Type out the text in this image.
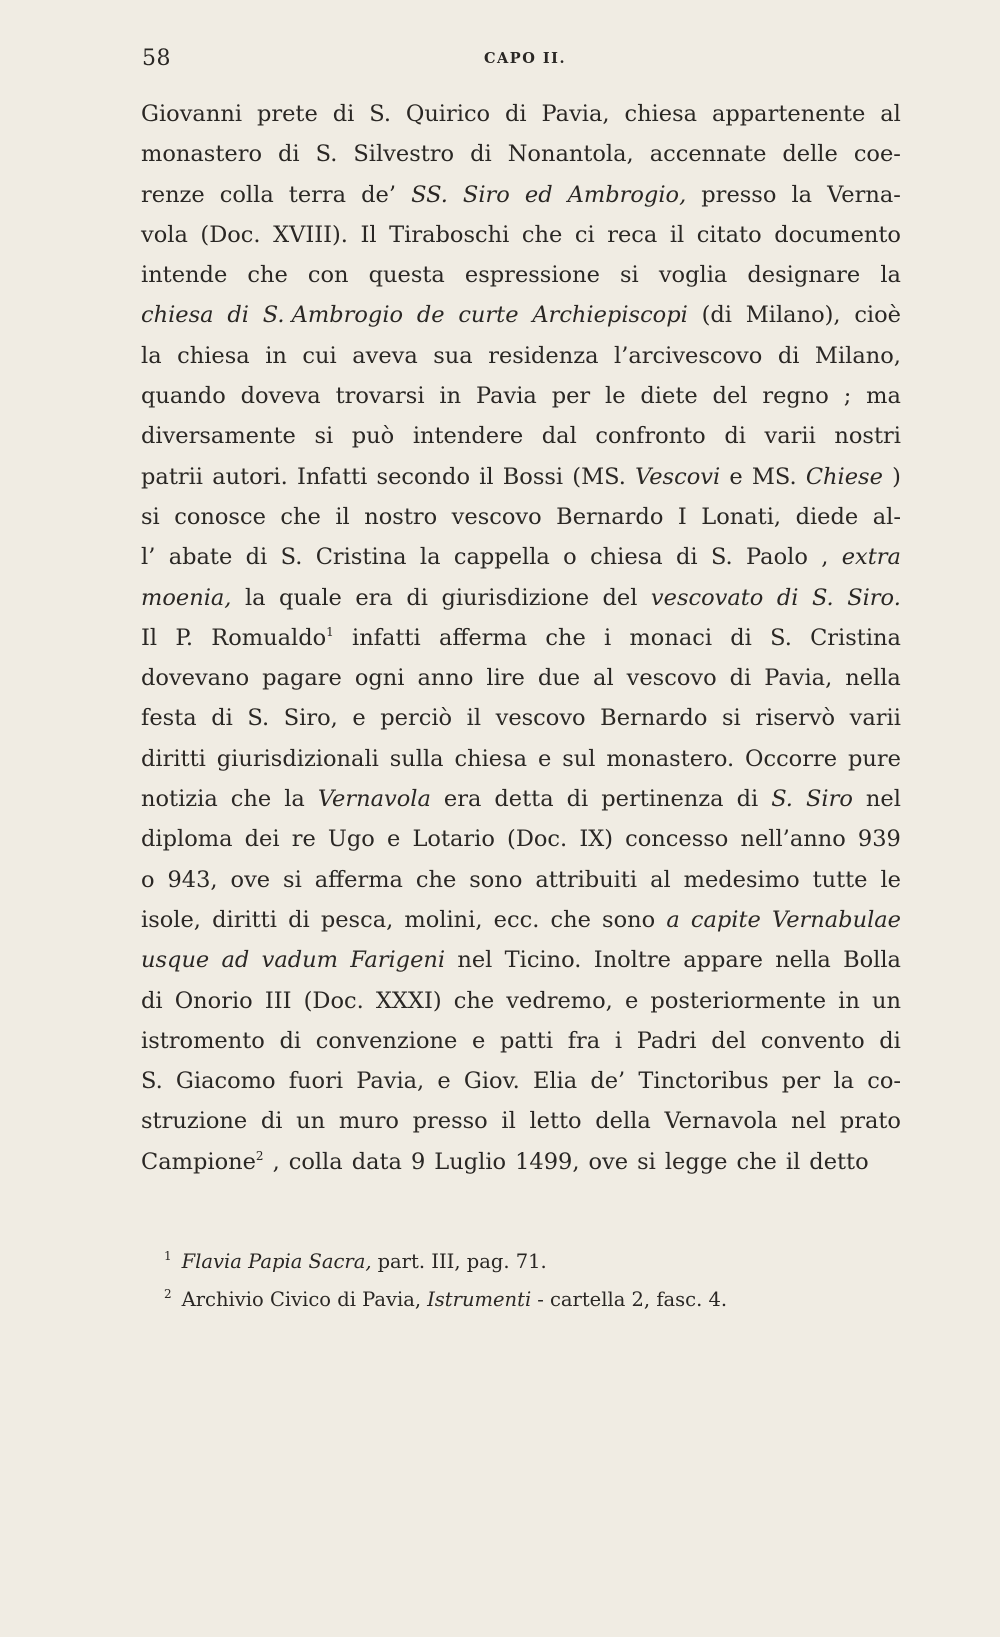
58	CAPO II.
Giovanni prete di S. Quirico di Pavia, chiesa appartenente al
monastero di S. Silvestro di Nonantola, accennate delle coe-
renze colla terra de’ SS. Siro ed Ambrogio, presso la Verna-
vola (Doc. XVIII). Il Tiraboschi che ci reca il citato documento
intende che con questa espressione si voglia designare la
chiesa di S. Ambrogio de curte Archiepiscopi (di Milano), cioè
la chiesa in cui aveva sua residenza l’arcivescovo di Milano,
quando doveva trovarsi in Pavia per le diete del regno ; ma
diversamente si può intendere dal confronto di varii nostri
patrii autori. Infatti secondo il Bossi (MS. Vescovi e MS. Chiese )
si conosce che il nostro vescovo Bernardo I Lonati, diede al-
l’ abate di S. Cristina la cappella o chiesa di S. Paolo , extra
moenia, la quale era di giurisdizione del vescovato di S. Siro.
Il P. Romualdo$^1$ infatti afferma che i monaci di S. Cristina
dovevano pagare ogni anno lire due al vescovo di Pavia, nella
festa di S. Siro, e perciò il vescovo Bernardo si riservò varii
diritti giurisdizionali sulla chiesa e sul monastero. Occorre pure
notizia che la Vernavola era detta di pertinenza di S. Siro nel
diploma dei re Ugo e Lotario (Doc. IX) concesso nell’anno 939
o 943, ove si afferma che sono attribuiti al medesimo tutte le
isole, diritti di pesca, molini, ecc. che sono a capite Vernabulae
usque ad vadum Farigeni nel Ticino. Inoltre appare nella Bolla
di Onorio III (Doc. XXXI) che vedremo, e posteriormente in un
istromento di convenzione e patti fra i Padri del convento di
S. Giacomo fuori Pavia, e Giov. Elia de’ Tinctoribus per la co-
struzione di un muro presso il letto della Vernavola nel prato
Campione$^2$ , colla data 9 Luglio 1499, ove si legge che il detto
$^1$ Flavia Papia Sacra, part. III, pag. 71.
$^2$ Archivio Civico di Pavia, Istrumenti - cartella 2, fasc. 4.
